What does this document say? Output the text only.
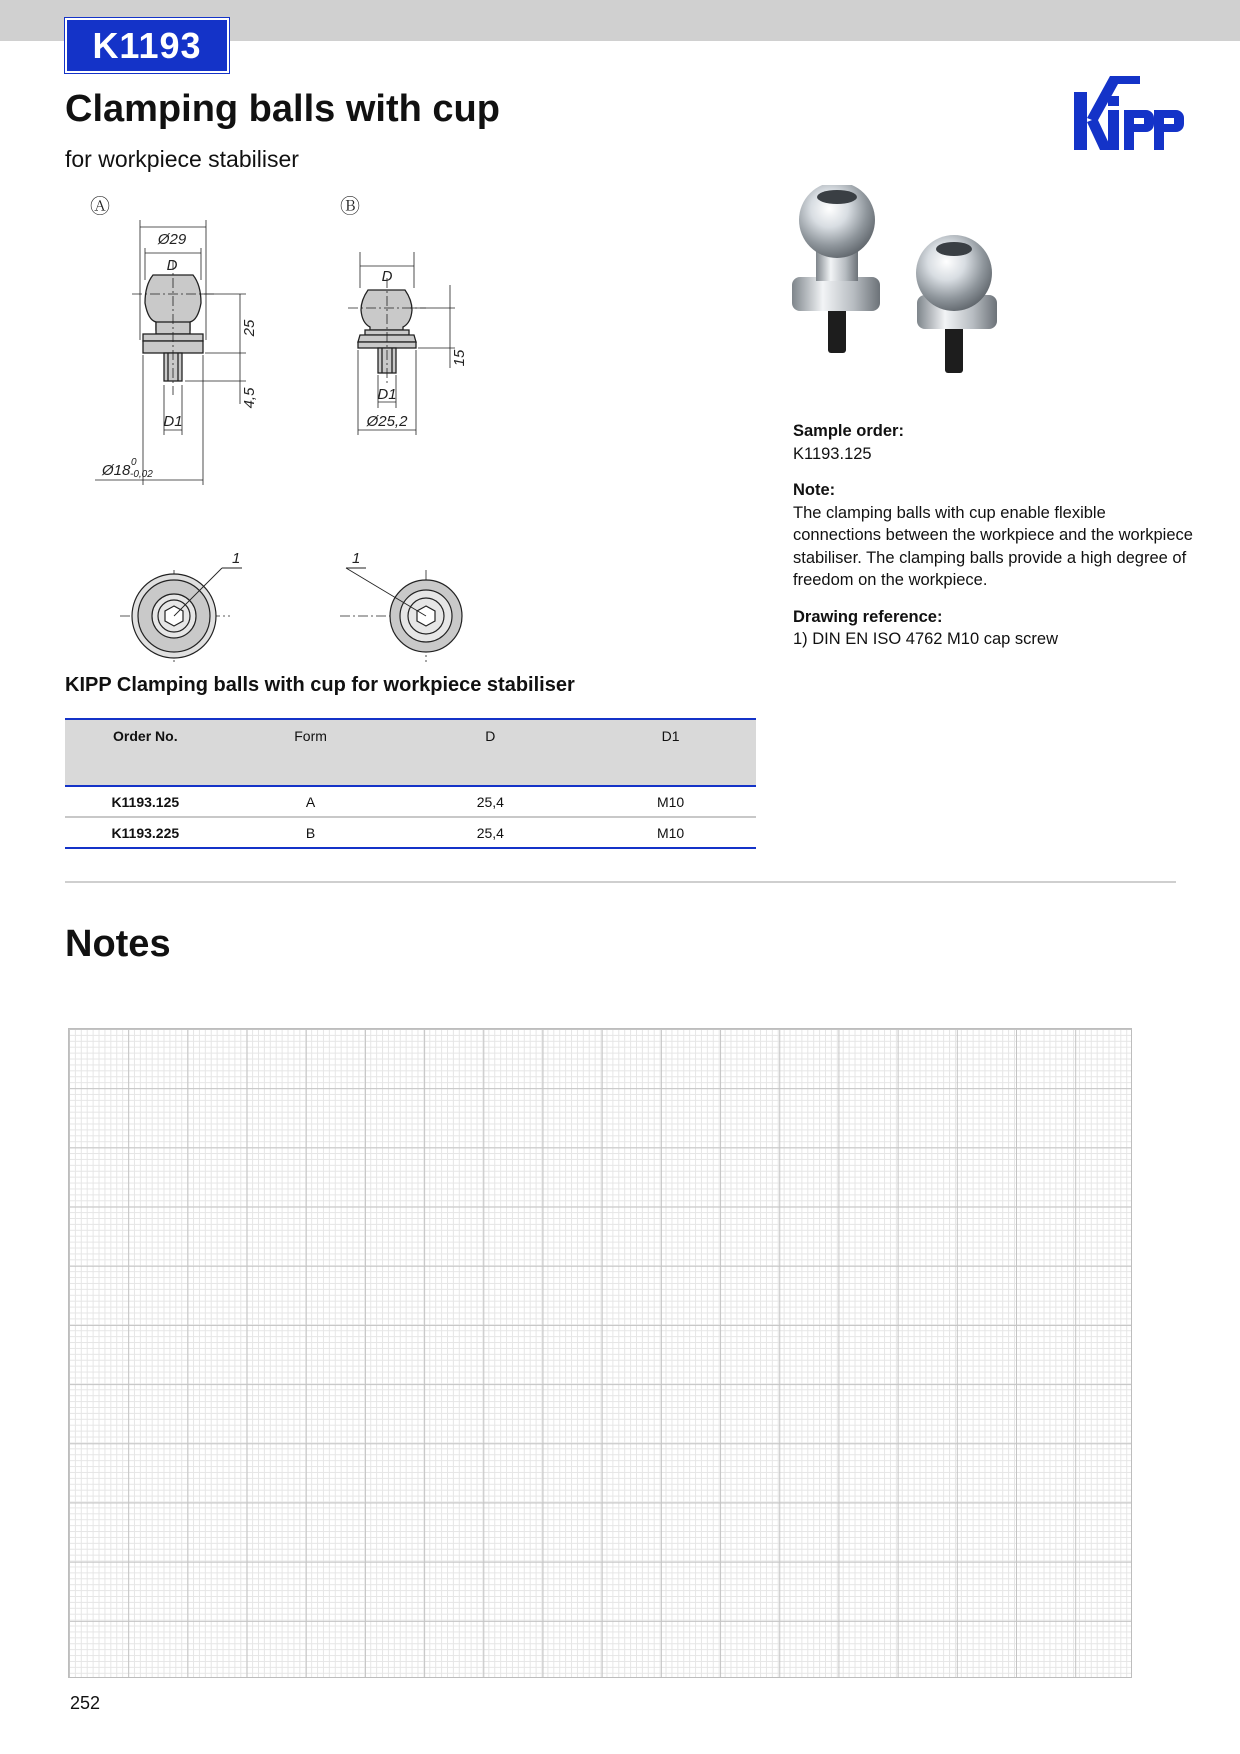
K1193
Clamping balls with cup
for workpiece stabiliser
Kipp
Ⓐ	Ⓑ
Ø29
D
25
4,5
D1
Ø18 0
-0,02
D
15
D1
Ø25,2
1	1
Sample order:
K1193.125
Note:
The clamping balls with cup enable flexible connections between the workpiece and the workpiece stabiliser. The clamping balls provide a high degree of freedom on the workpiece.
Drawing reference:
1) DIN EN ISO 4762 M10 cap screw
KIPP Clamping balls with cup for workpiece stabiliser
Order No.	Form	D	D1
K1193.125	A	25,4	M10
K1193.225	B	25,4	M10
Notes
252
